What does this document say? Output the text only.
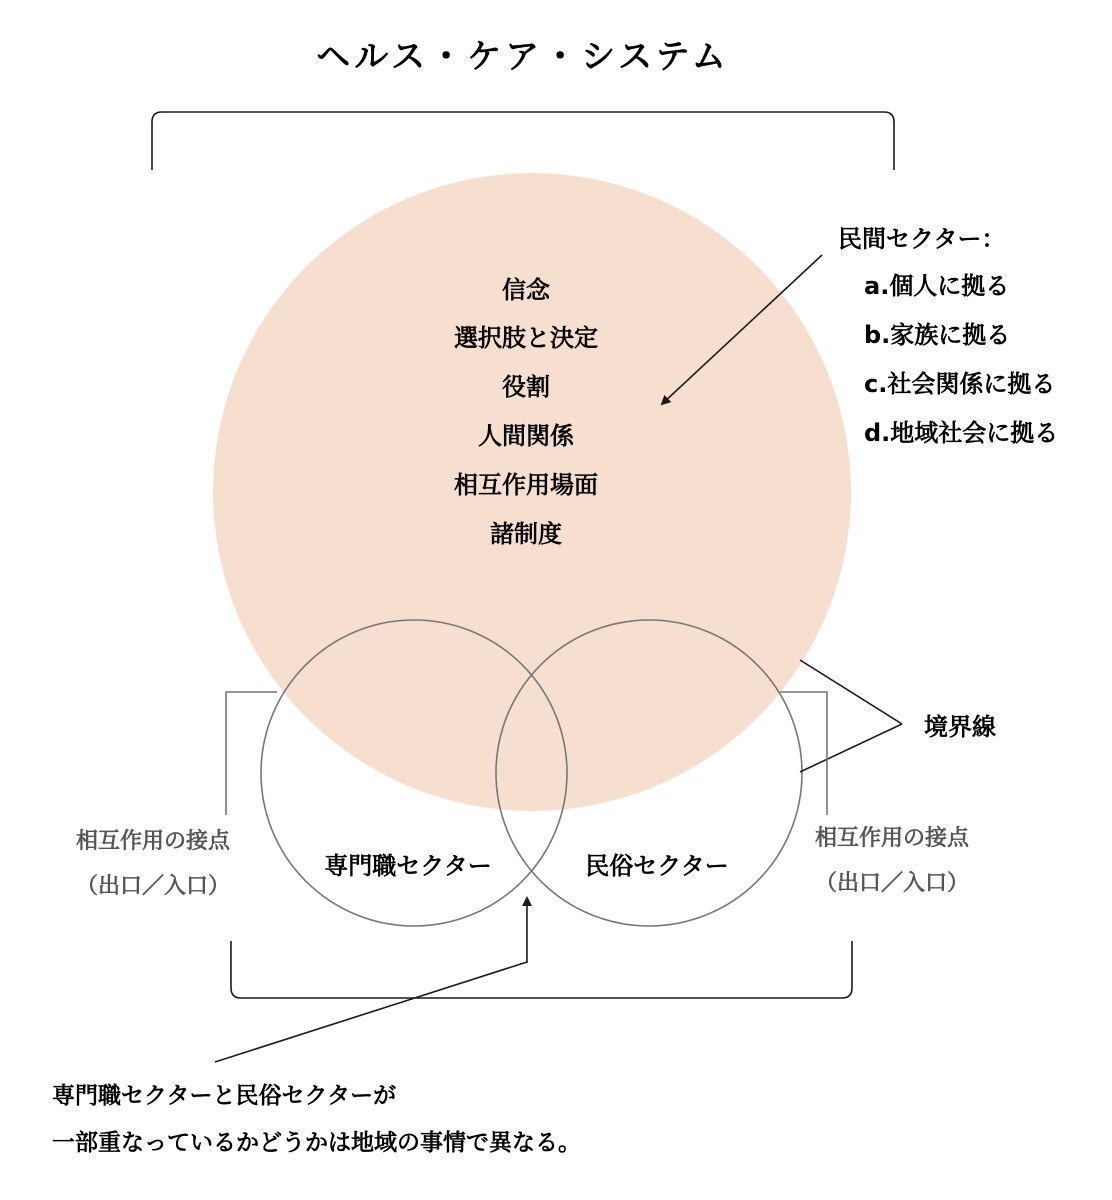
ヘルス・ケア・システム
信念
選択肢と決定
役割
人間関係
相互作用場面
諸制度
民間セクター：
a.個人に拠る
b.家族に拠る
c.社会関係に拠る
d.地域社会に拠る
境界線
相互作用の接点
（出口／入口）
相互作用の接点
（出口／入口）
専門職セクター	民俗セクター
専門職セクターと民俗セクターが
一部重なっているかどうかは地域の事情で異なる。
